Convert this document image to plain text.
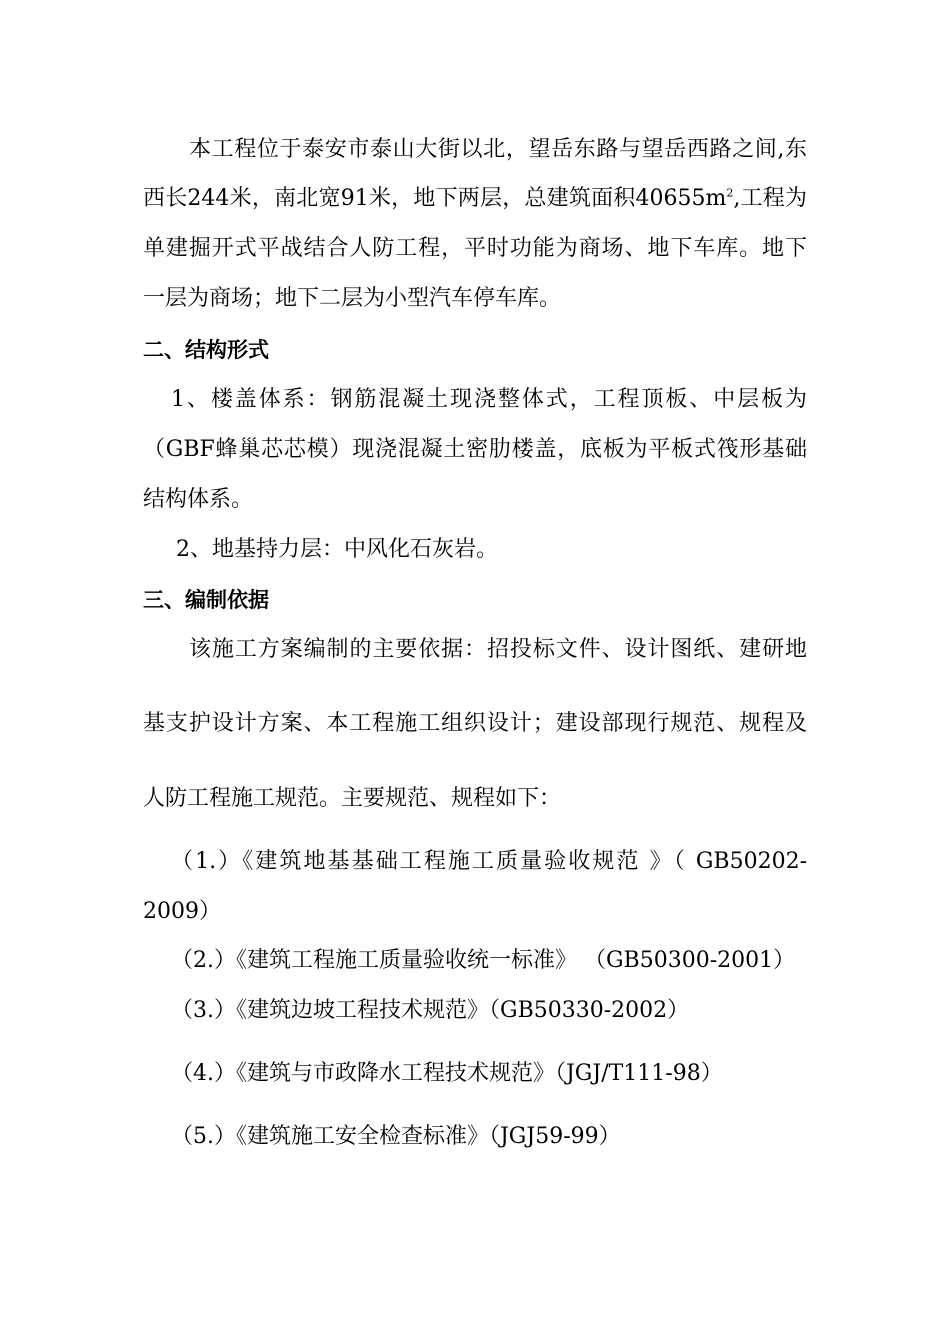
本工程位于泰安市泰山大街以北，望岳东路与望岳西路之间,东
西长244米，南北宽91米，地下两层，总建筑面积$40655m^2$,工程为
单建掘开式平战结合人防工程，平时功能为商场、地下车库。地下
一层为商场；地下二层为小型汽车停车库。
二、结构形式
1、楼盖体系：钢筋混凝土现浇整体式，工程顶板、中层板为
（GBF蜂巢芯芯模）现浇混凝土密肋楼盖，底板为平板式筏形基础
结构体系。
2、地基持力层：中风化石灰岩。
三、编制依据
该施工方案编制的主要依据：招投标文件、设计图纸、建研地
基支护设计方案、本工程施工组织设计；建设部现行规范、规程及
人防工程施工规范。主要规范、规程如下：
（1.）《建筑地基基础工程施工质量验收规范 》（ GB50202-
2009）
（2.）《建筑工程施工质量验收统一标准》 （GB50300-2001）
（3.）《建筑边坡工程技术规范》（GB50330-2002）
（4.）《建筑与市政降水工程技术规范》（JGJ/T111-98）
（5.）《建筑施工安全检查标准》（JGJ59-99）
